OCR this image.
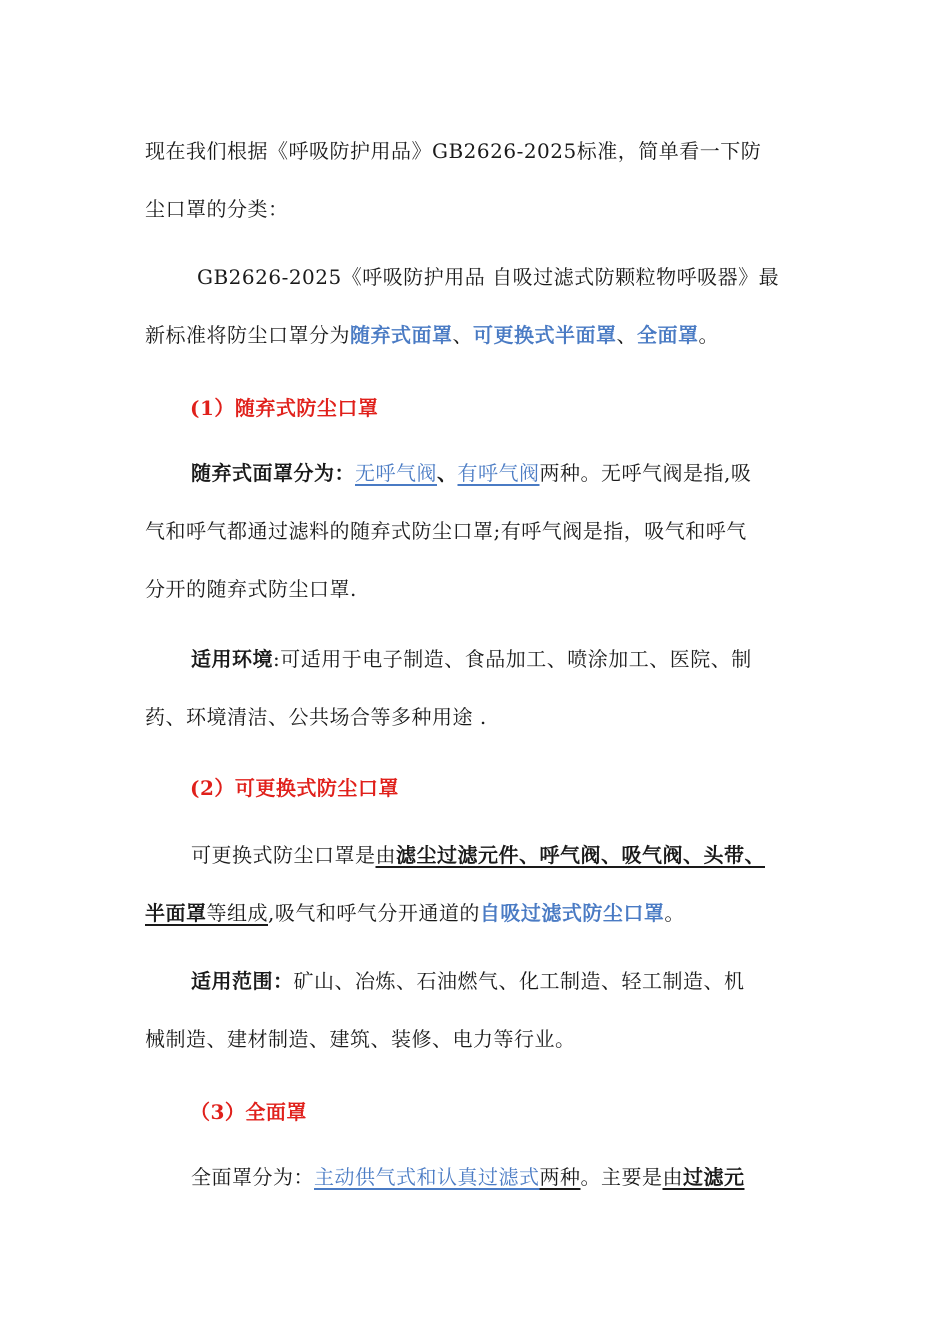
现在我们根据《呼吸防护用品》GB2626-2025标准，简单看一下防
尘口罩的分类：

GB2626-2025《呼吸防护用品 自吸过滤式防颗粒物呼吸器》最
新标准将防尘口罩分为随弃式面罩、可更换式半面罩、全面罩。

(1）随弃式防尘口罩

随弃式面罩分为：无呼气阀、有呼气阀两种。无呼气阀是指,吸
气和呼气都通过滤料的随弃式防尘口罩;有呼气阀是指，吸气和呼气
分开的随弃式防尘口罩.

适用环境:可适用于电子制造、食品加工、喷涂加工、医院、制
药、环境清洁、公共场合等多种用途 .

(2）可更换式防尘口罩

可更换式防尘口罩是由滤尘过滤元件、呼气阀、吸气阀、头带、
半面罩等组成,吸气和呼气分开通道的自吸过滤式防尘口罩。

适用范围：矿山、冶炼、石油燃气、化工制造、轻工制造、机
械制造、建材制造、建筑、装修、电力等行业。

（3）全面罩

全面罩分为：主动供气式和认真过滤式两种。主要是由过滤元
